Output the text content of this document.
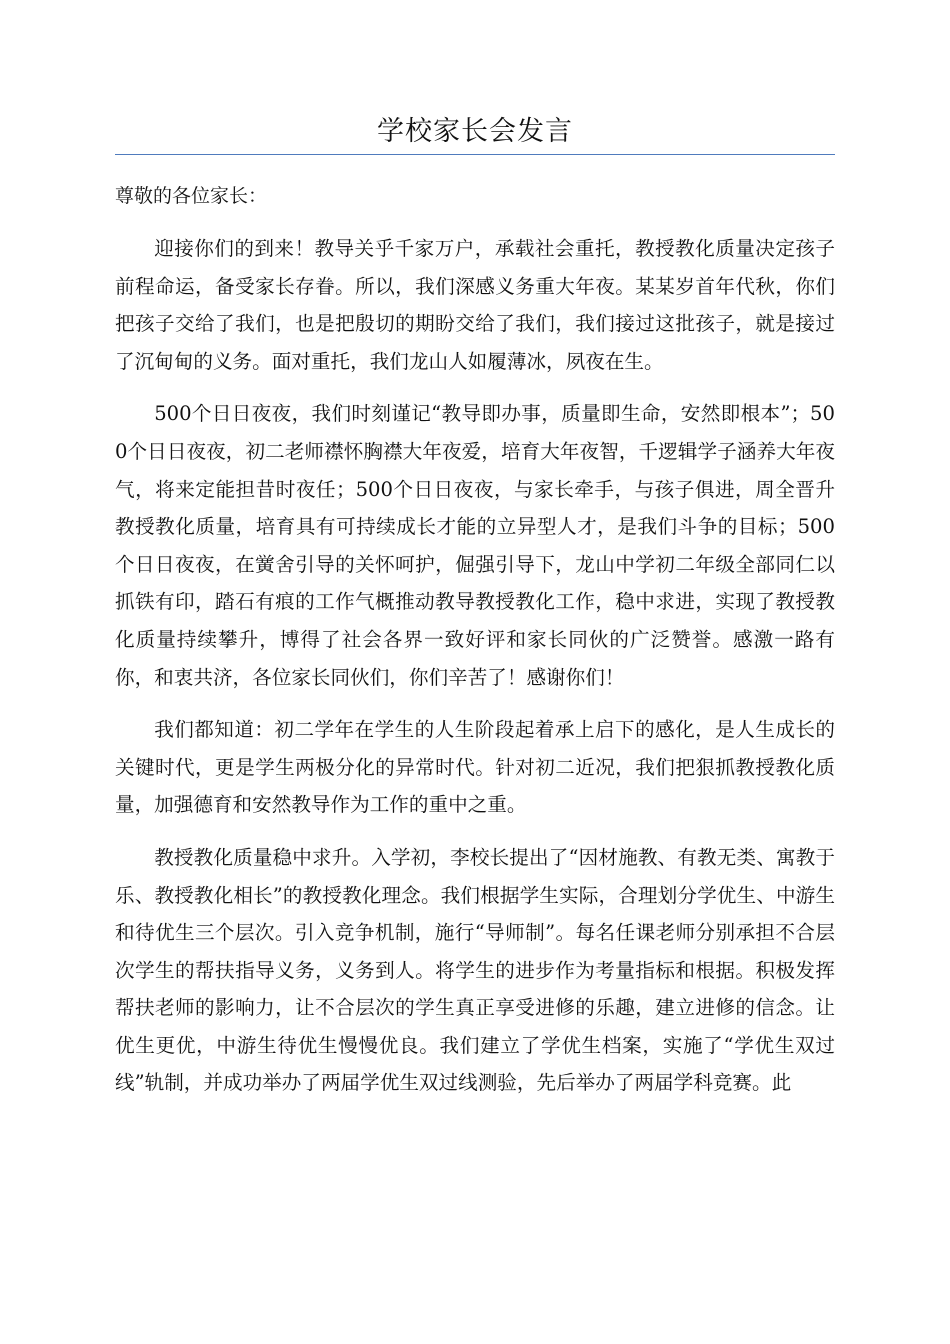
学校家长会发言
尊敬的各位家长：

迎接你们的到来！教导关乎千家万户，承载社会重托，教授教化质量决定孩子前程命运，备受家长存眷。所以，我们深感义务重大年夜。某某岁首年代秋，你们把孩子交给了我们，也是把殷切的期盼交给了我们，我们接过这批孩子，就是接过了沉甸甸的义务。面对重托，我们龙山人如履薄冰，夙夜在生。

500个日日夜夜，我们时刻谨记“教导即办事，质量即生命，安然即根本”；500个日日夜夜，初二老师襟怀胸襟大年夜爱，培育大年夜智，千逻辑学子涵养大年夜气，将来定能担昔时夜任；500个日日夜夜，与家长牵手，与孩子俱进，周全晋升教授教化质量，培育具有可持续成长才能的立异型人才，是我们斗争的目标；500个日日夜夜，在黉舍引导的关怀呵护，倔强引导下，龙山中学初二年级全部同仁以抓铁有印，踏石有痕的工作气概推动教导教授教化工作，稳中求进，实现了教授教化质量持续攀升，博得了社会各界一致好评和家长同伙的广泛赞誉。感激一路有你，和衷共济，各位家长同伙们，你们辛苦了！感谢你们！

我们都知道：初二学年在学生的人生阶段起着承上启下的感化，是人生成长的关键时代，更是学生两极分化的异常时代。针对初二近况，我们把狠抓教授教化质量，加强德育和安然教导作为工作的重中之重。

教授教化质量稳中求升。入学初，李校长提出了“因材施教、有教无类、寓教于乐、教授教化相长”的教授教化理念。我们根据学生实际，合理划分学优生、中游生和待优生三个层次。引入竞争机制，施行“导师制”。每名任课老师分别承担不合层次学生的帮扶指导义务，义务到人。将学生的进步作为考量指标和根据。积极发挥帮扶老师的影响力，让不合层次的学生真正享受进修的乐趣，建立进修的信念。让优生更优，中游生待优生慢慢优良。我们建立了学优生档案，实施了“学优生双过线”轨制，并成功举办了两届学优生双过线测验，先后举办了两届学科竞赛。此
